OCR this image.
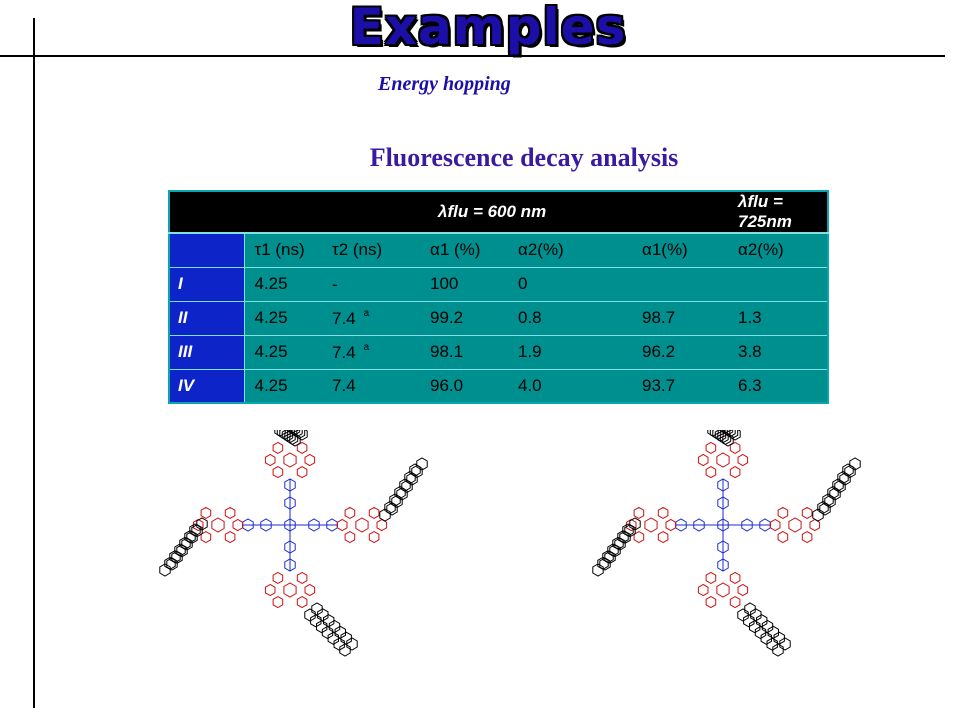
Examples
Energy hopping
Fluorescence decay analysis
			λflu = 600 nm			λflu = 725nm
	τ1 (ns)	τ2 (ns)	α1 (%)	α2(%)	α1(%)	α2(%)
I	4.25	-	100	0		
II	4.25	7.4 $^a$	99.2	0.8	98.7	1.3
III	4.25	7.4 $^a$	98.1	1.9	96.2	3.8
IV	4.25	7.4	96.0	4.0	93.7	6.3
